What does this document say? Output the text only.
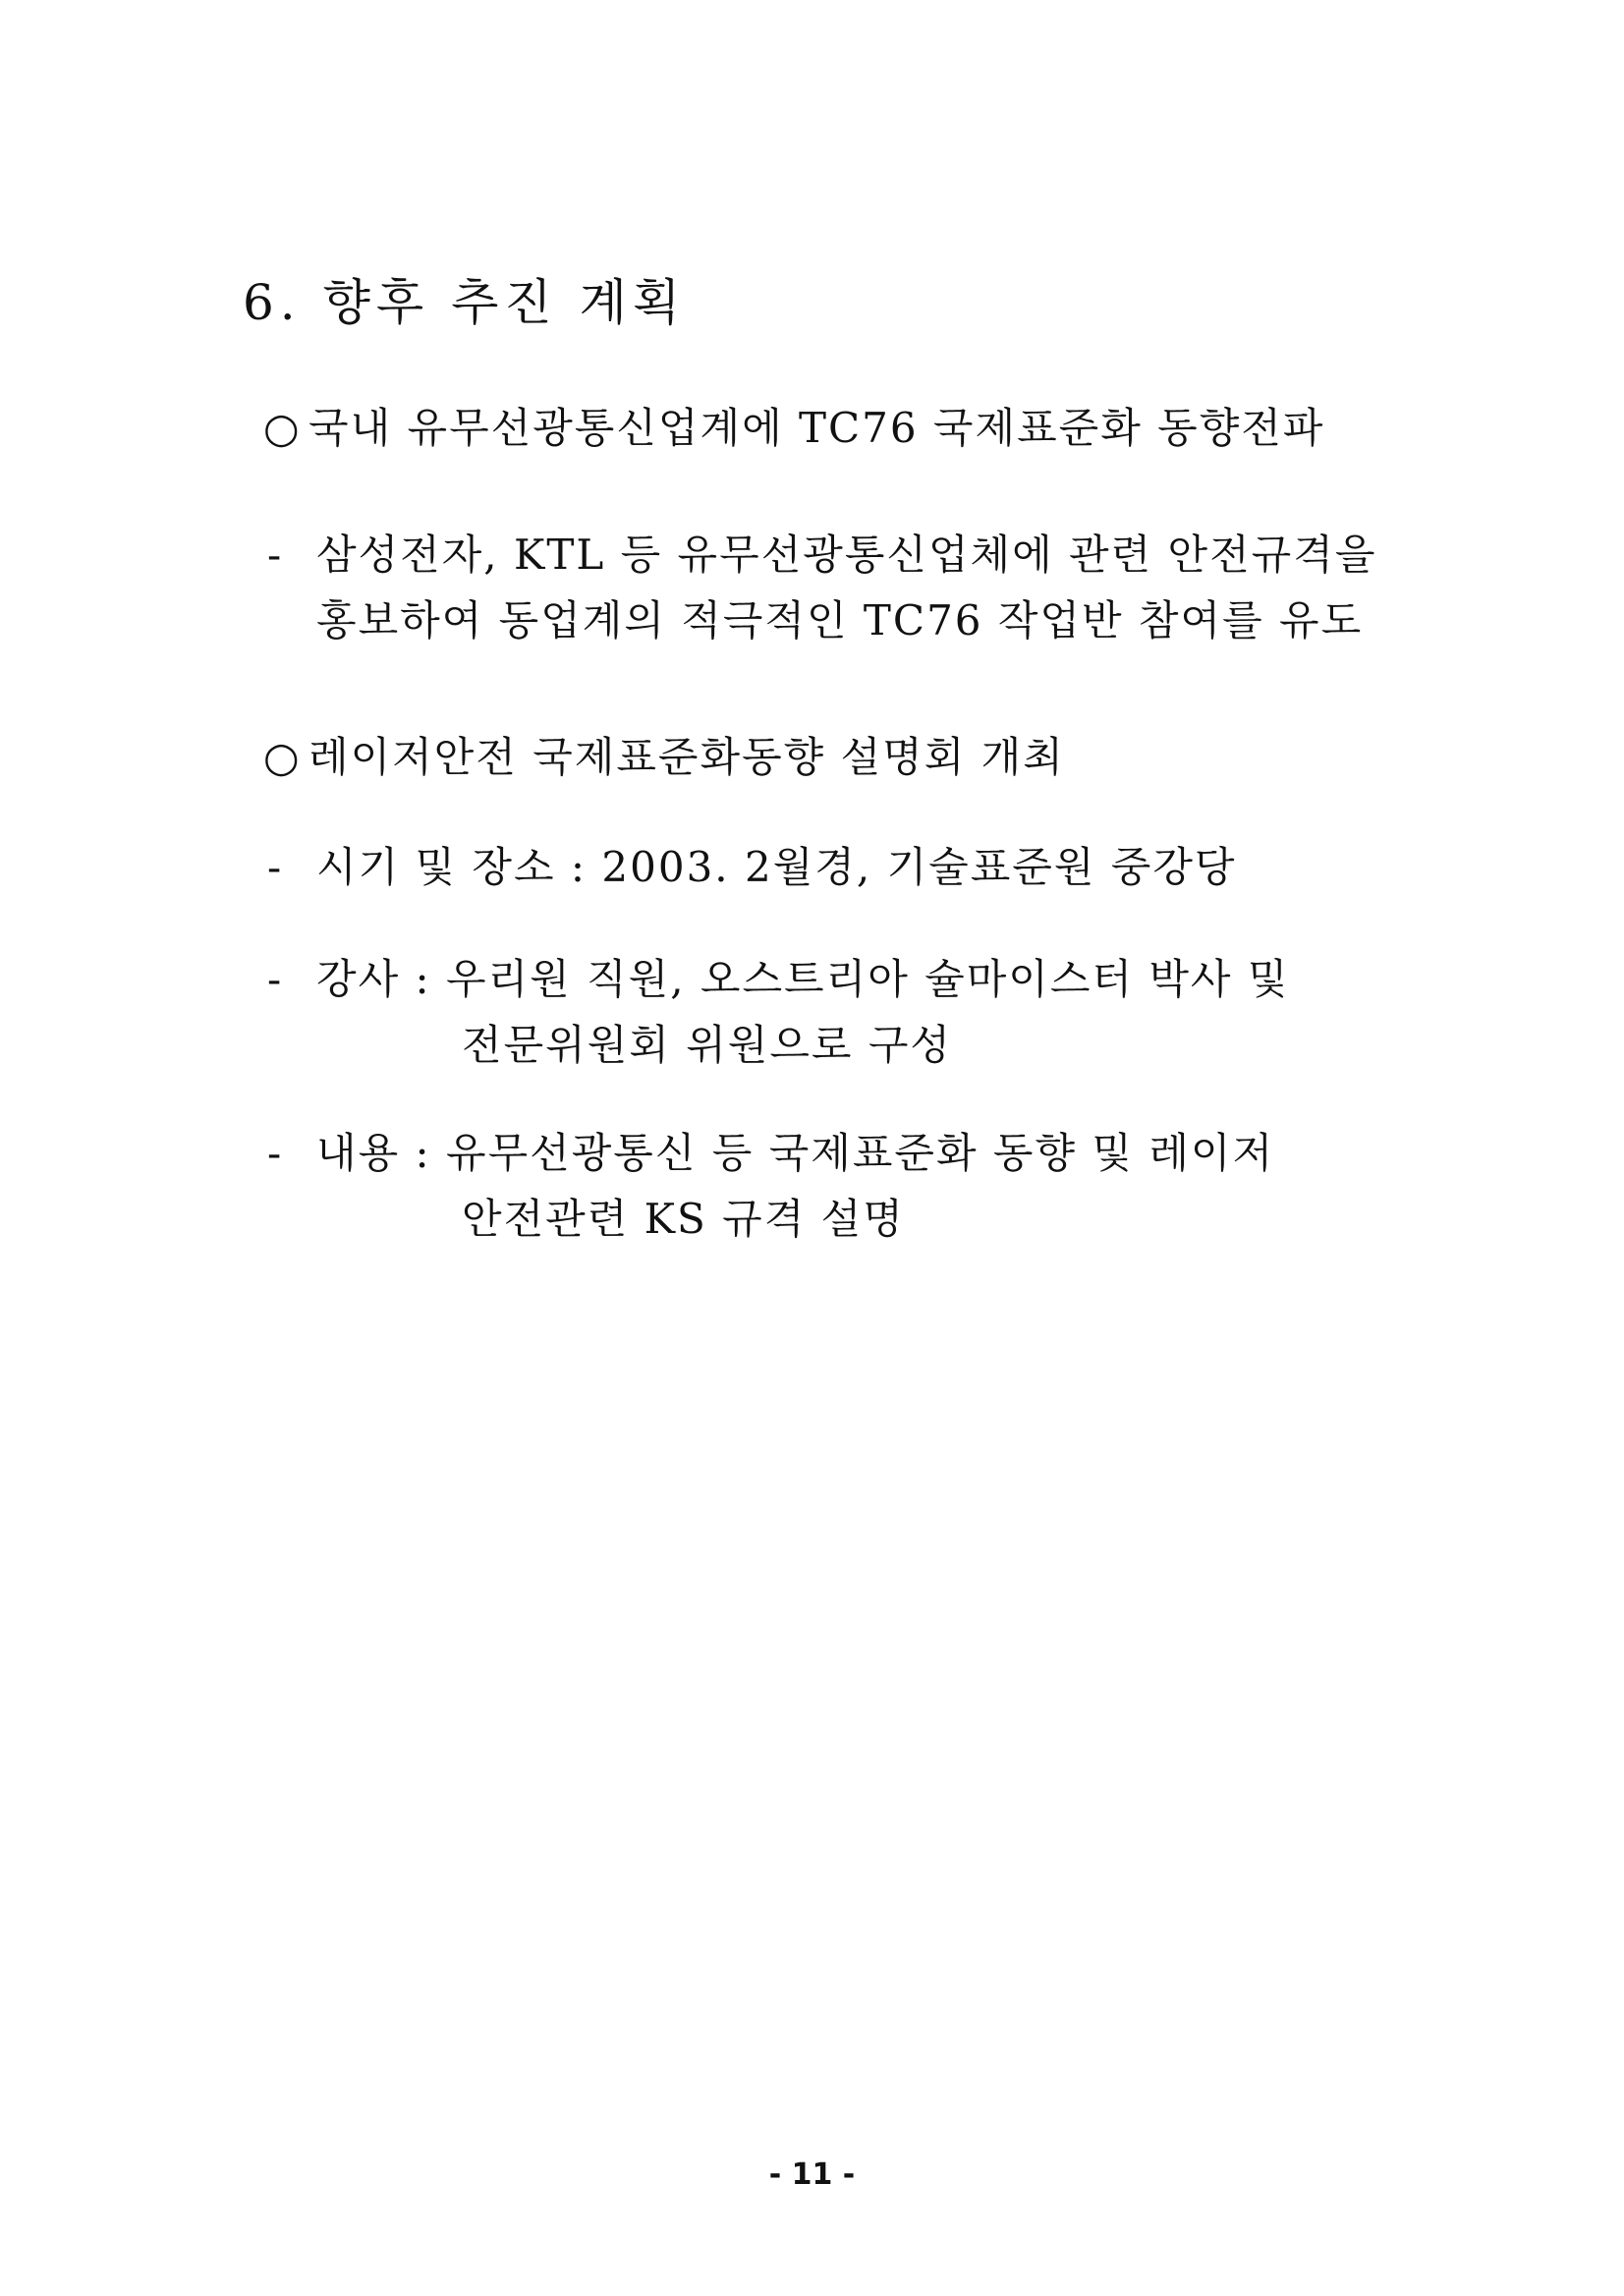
6. 향후 추진 계획
○ 국내 유무선광통신업계에 TC76 국제표준화 동향전파
- 삼성전자, KTL 등 유무선광통신업체에 관련 안전규격을
홍보하여 동업계의 적극적인 TC76 작업반 참여를 유도
○ 레이저안전 국제표준화동향 설명회 개최
- 시기 및 장소 : 2003. 2월경, 기술표준원 중강당
- 강사 : 우리원 직원, 오스트리아 슐마이스터 박사 및
전문위원회 위원으로 구성
- 내용 : 유무선광통신 등 국제표준화 동향 및 레이저
안전관련 KS 규격 설명
- 11 -
